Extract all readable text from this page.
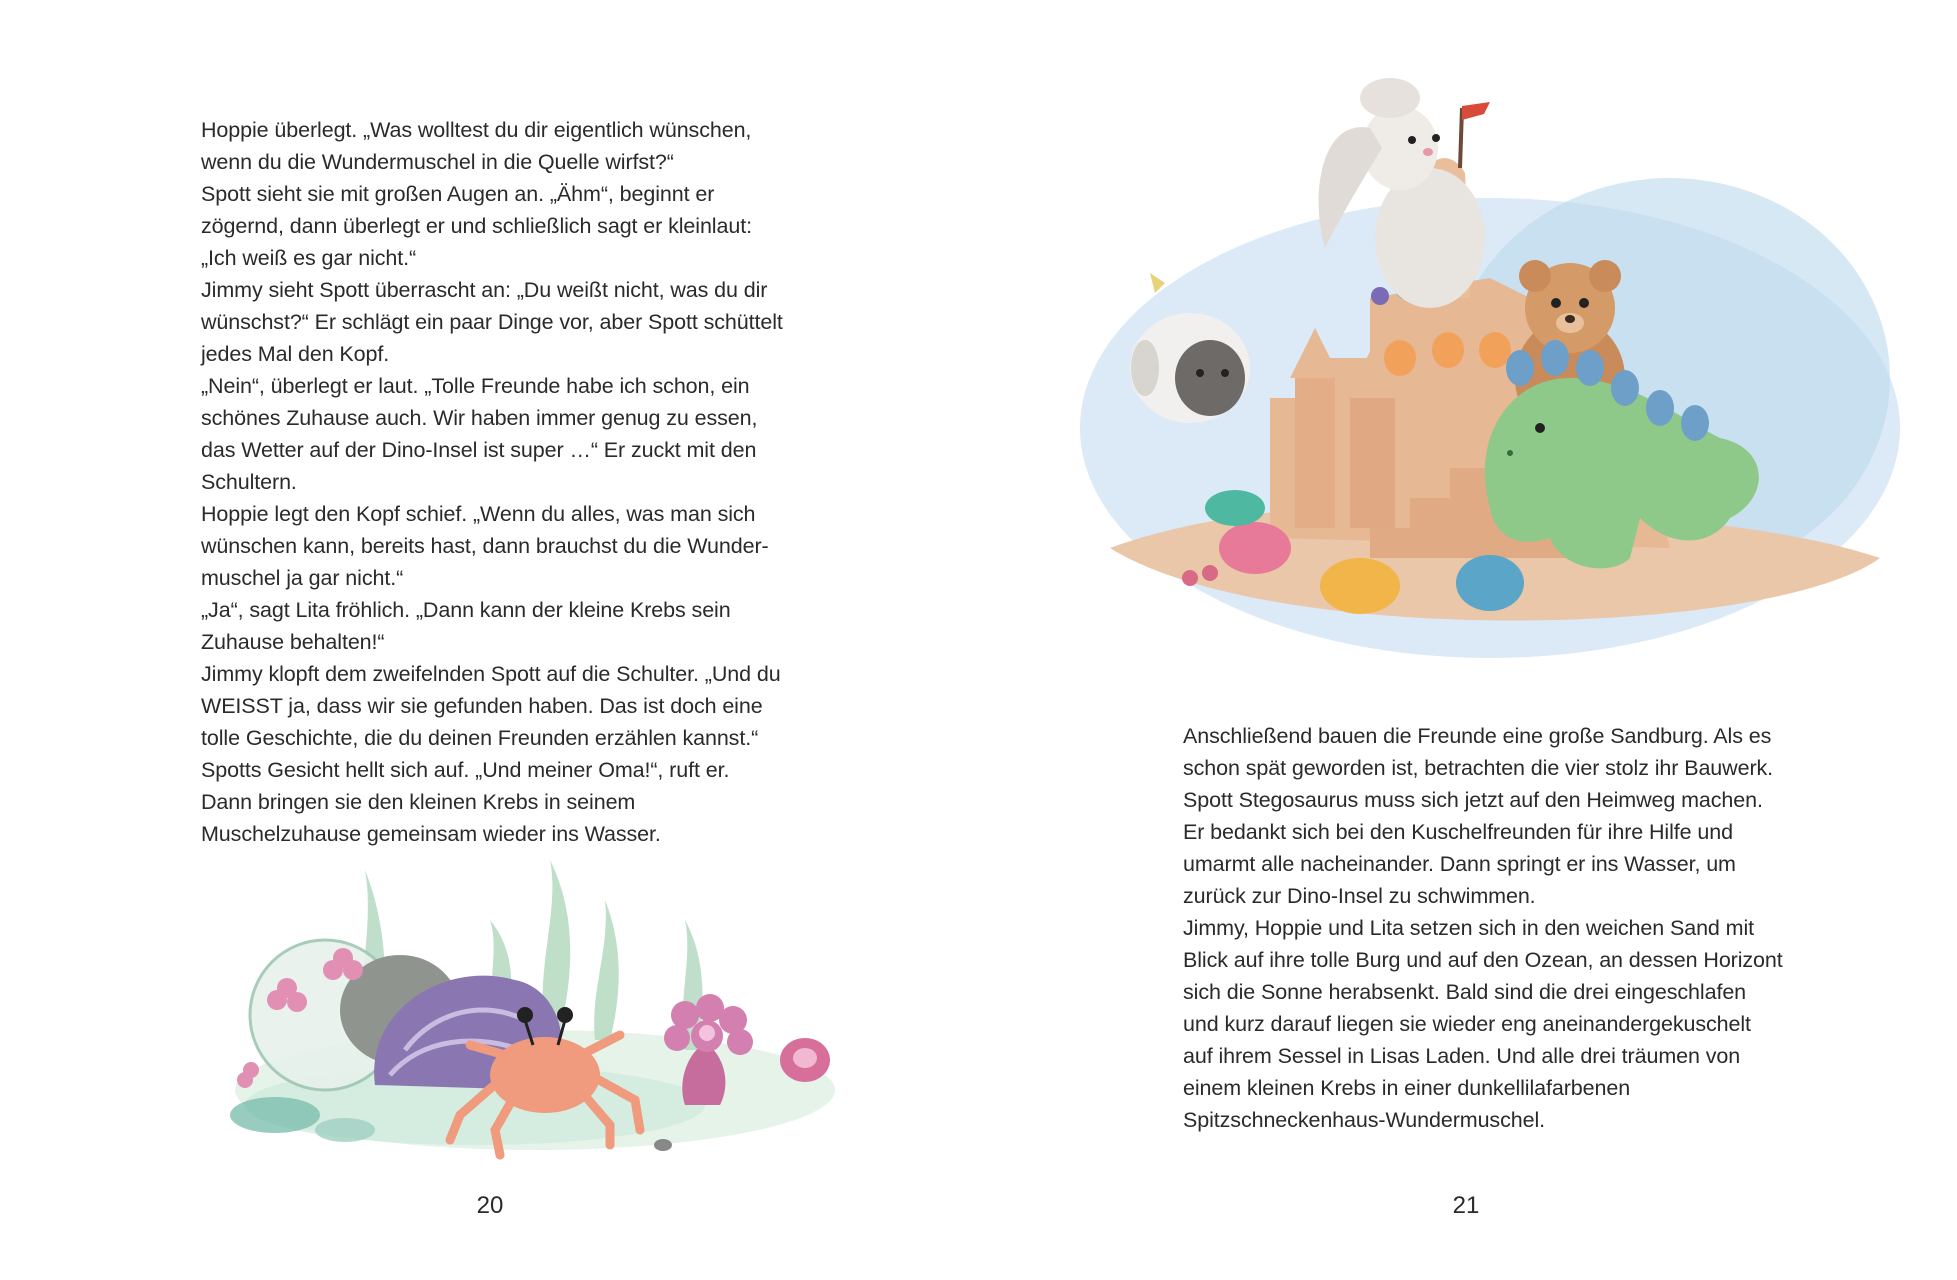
Hoppie überlegt. „Was wolltest du dir eigentlich wünschen, wenn du die Wundermuschel in die Quelle wirfst?“

Spott sieht sie mit großen Augen an. „Ähm“, beginnt er zögernd, dann überlegt er und schließlich sagt er kleinlaut: „Ich weiß es gar nicht.“

Jimmy sieht Spott überrascht an: „Du weißt nicht, was du dir wünschst?“ Er schlägt ein paar Dinge vor, aber Spott schüttelt jedes Mal den Kopf.

„Nein“, überlegt er laut. „Tolle Freunde habe ich schon, ein schönes Zuhause auch. Wir haben immer genug zu essen, das Wetter auf der Dino-Insel ist super …“ Er zuckt mit den Schultern.

Hoppie legt den Kopf schief. „Wenn du alles, was man sich wünschen kann, bereits hast, dann brauchst du die Wunder-muschel ja gar nicht.“

„Ja“, sagt Lita fröhlich. „Dann kann der kleine Krebs sein Zuhause behalten!“

Jimmy klopft dem zweifelnden Spott auf die Schulter. „Und du WEISST ja, dass wir sie gefunden haben. Das ist doch eine tolle Geschichte, die du deinen Freunden erzählen kannst.“

Spotts Gesicht hellt sich auf. „Und meiner Oma!“, ruft er.

Dann bringen sie den kleinen Krebs in seinem Muschelzuhause gemeinsam wieder ins Wasser.

20

Anschließend bauen die Freunde eine große Sandburg. Als es schon spät geworden ist, betrachten die vier stolz ihr Bauwerk. Spott Stegosaurus muss sich jetzt auf den Heimweg machen.

Er bedankt sich bei den Kuschelfreunden für ihre Hilfe und umarmt alle nacheinander. Dann springt er ins Wasser, um zurück zur Dino-Insel zu schwimmen.

Jimmy, Hoppie und Lita setzen sich in den weichen Sand mit Blick auf ihre tolle Burg und auf den Ozean, an dessen Horizont sich die Sonne herabsenkt. Bald sind die drei eingeschlafen und kurz darauf liegen sie wieder eng aneinandergekuschelt auf ihrem Sessel in Lisas Laden. Und alle drei träumen von einem kleinen Krebs in einer dunkellilafarbenen Spitzschneckenhaus-Wundermuschel.

21
